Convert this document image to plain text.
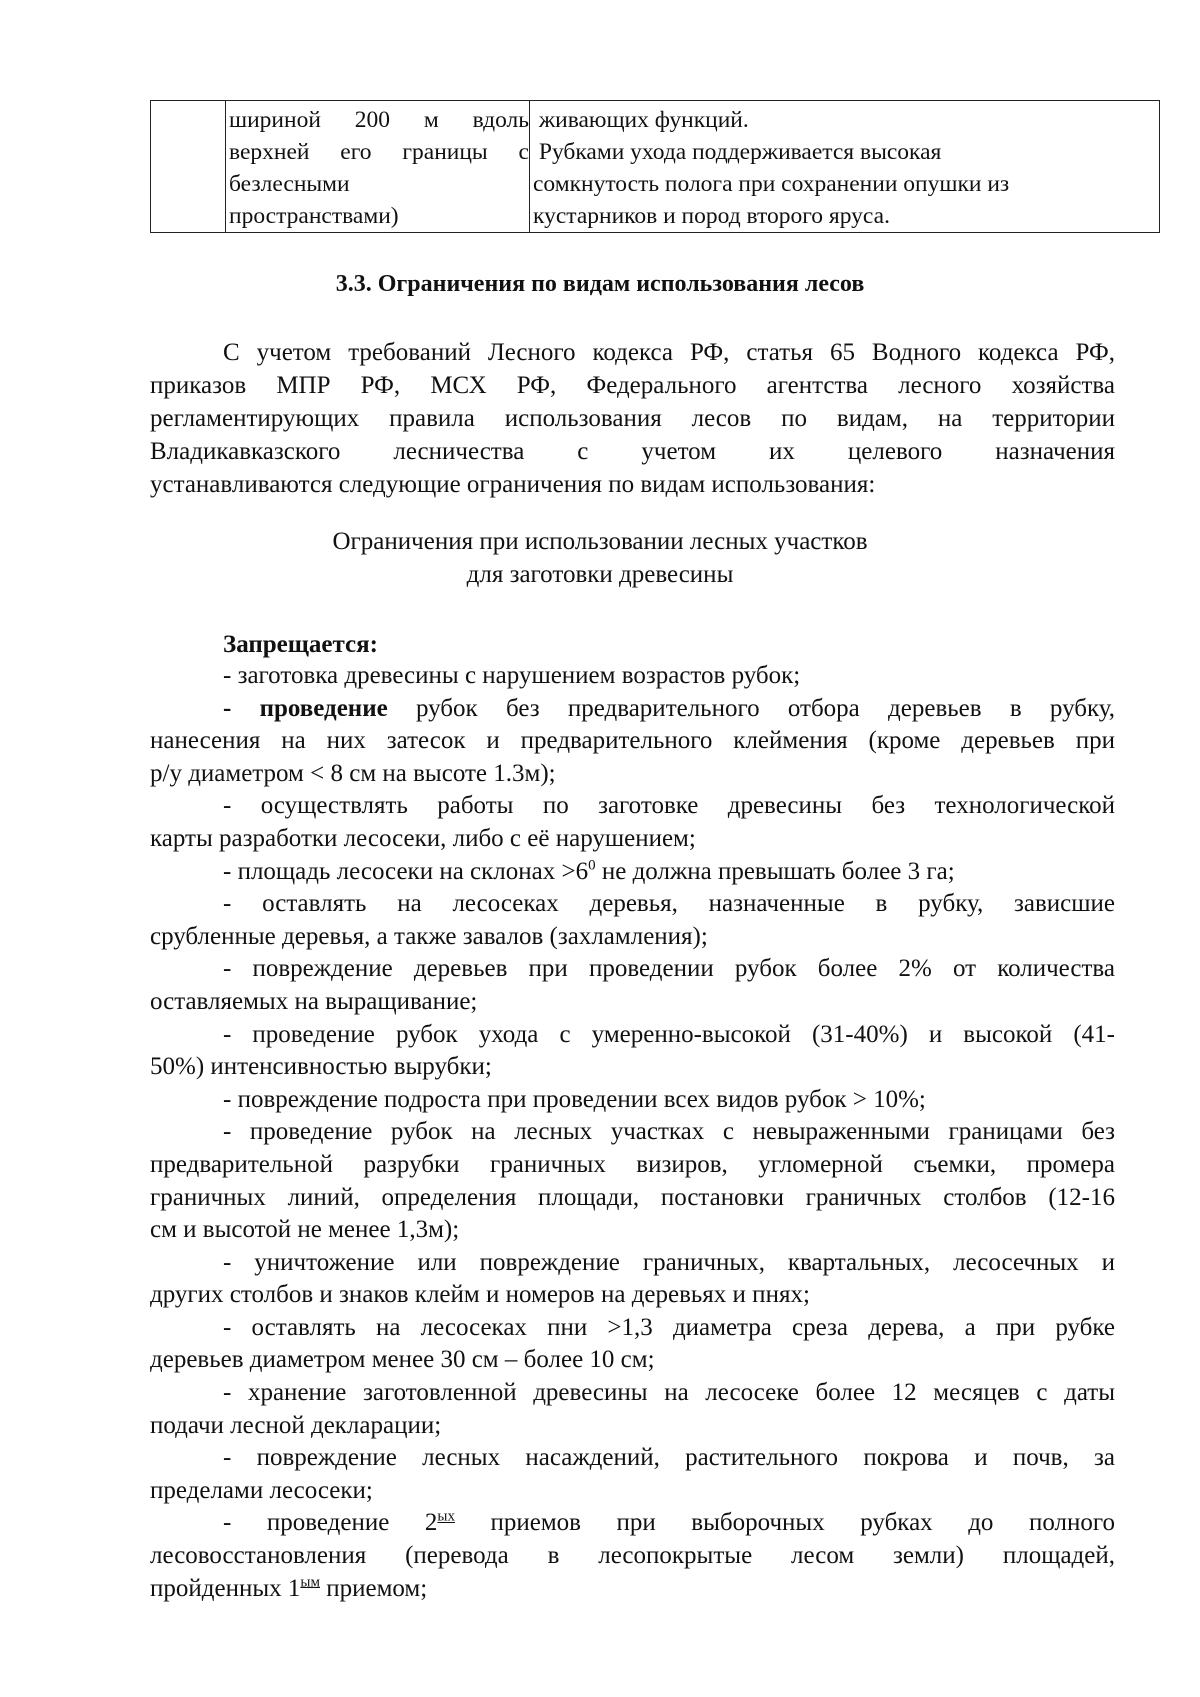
шириной 200 м вдоль
верхней его границы с
безлесными
пространствами)
живающих функций.
Рубками ухода поддерживается высокая
сомкнутость полога при сохранении опушки из
кустарников и пород второго яруса.
3.3. Ограничения по видам использования лесов
С учетом требований Лесного кодекса РФ, статья 65 Водного кодекса РФ,
приказов МПР РФ, МСХ РФ, Федерального агентства лесного хозяйства
регламентирующих правила использования лесов по видам, на территории
Владикавказского лесничества с учетом их целевого назначения
устанавливаются следующие ограничения по видам использования:
Ограничения при использовании лесных участков
для заготовки древесины
Запрещается:
- заготовка древесины с нарушением возрастов рубок;
- проведение рубок без предварительного отбора деревьев в рубку,
нанесения на них затесок и предварительного клеймения (кроме деревьев при
р/у диаметром < 8 см на высоте 1.3м);
- осуществлять работы по заготовке древесины без технологической
карты разработки лесосеки, либо с её нарушением;
- площадь лесосеки на склонах $>6^0$ не должна превышать более 3 га;
- оставлять на лесосеках деревья, назначенные в рубку, зависшие
срубленные деревья, а также завалов (захламления);
- повреждение деревьев при проведении рубок более 2% от количества
оставляемых на выращивание;
- проведение рубок ухода с умеренно-высокой (31-40%) и высокой (41-
50%) интенсивностью вырубки;
- повреждение подроста при проведении всех видов рубок > 10%;
- проведение рубок на лесных участках с невыраженными границами без
предварительной разрубки граничных визиров, угломерной съемки, промера
граничных линий, определения площади, постановки граничных столбов (12-16
см и высотой не менее 1,3м);
- уничтожение или повреждение граничных, квартальных, лесосечных и
других столбов и знаков клейм и номеров на деревьях и пнях;
- оставлять на лесосеках пни >1,3 диаметра среза дерева, а при рубке
деревьев диаметром менее 30 см – более 10 см;
- хранение заготовленной древесины на лесосеке более 12 месяцев с даты
подачи лесной декларации;
- повреждение лесных насаждений, растительного покрова и почв, за
пределами лесосеки;
- проведение $2^{ых}$ приемов при выборочных рубках до полного
лесовосстановления (перевода в лесопокрытые лесом земли) площадей,
пройденных $1^{ым}$ приемом;
